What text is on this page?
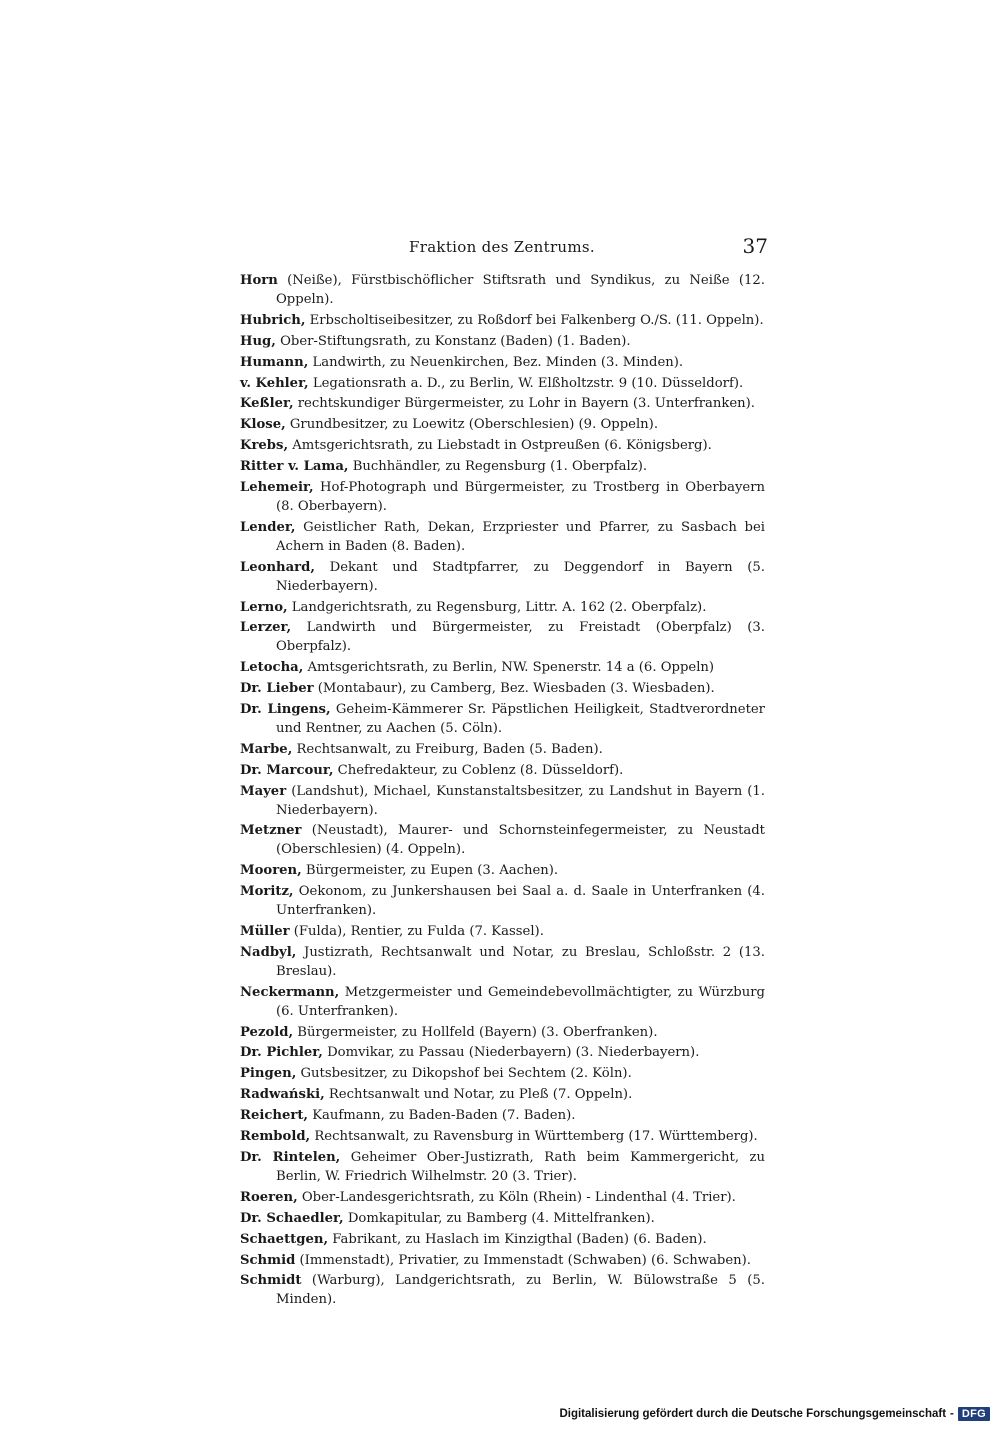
Fraktion des Zentrums.	37

Horn (Neiße), Fürstbischöflicher Stiftsrath und Syndikus, zu Neiße (12. Oppeln).

Hubrich, Erbscholtiseibesitzer, zu Roßdorf bei Falkenberg O./S. (11. Oppeln).

Hug, Ober-Stiftungsrath, zu Konstanz (Baden) (1. Baden).

Humann, Landwirth, zu Neuenkirchen, Bez. Minden (3. Minden).

v. Kehler, Legationsrath a. D., zu Berlin, W. Elßholtzstr. 9 (10. Düsseldorf).

Keßler, rechtskundiger Bürgermeister, zu Lohr in Bayern (3. Unterfranken).

Klose, Grundbesitzer, zu Loewitz (Oberschlesien) (9. Oppeln).

Krebs, Amtsgerichtsrath, zu Liebstadt in Ostpreußen (6. Königsberg).

Ritter v. Lama, Buchhändler, zu Regensburg (1. Oberpfalz).

Lehemeir, Hof-Photograph und Bürgermeister, zu Trostberg in Oberbayern (8. Oberbayern).

Lender, Geistlicher Rath, Dekan, Erzpriester und Pfarrer, zu Sasbach bei Achern in Baden (8. Baden).

Leonhard, Dekant und Stadtpfarrer, zu Deggendorf in Bayern (5. Niederbayern).

Lerno, Landgerichtsrath, zu Regensburg, Littr. A. 162 (2. Oberpfalz).

Lerzer, Landwirth und Bürgermeister, zu Freistadt (Oberpfalz) (3. Oberpfalz).

Letocha, Amtsgerichtsrath, zu Berlin, NW. Spenerstr. 14 a (6. Oppeln)

Dr. Lieber (Montabaur), zu Camberg, Bez. Wiesbaden (3. Wiesbaden).

Dr. Lingens, Geheim-Kämmerer Sr. Päpstlichen Heiligkeit, Stadtverordneter und Rentner, zu Aachen (5. Cöln).

Marbe, Rechtsanwalt, zu Freiburg, Baden (5. Baden).

Dr. Marcour, Chefredakteur, zu Coblenz (8. Düsseldorf).

Mayer (Landshut), Michael, Kunstanstaltsbesitzer, zu Landshut in Bayern (1. Niederbayern).

Metzner (Neustadt), Maurer- und Schornsteinfegermeister, zu Neustadt (Oberschlesien) (4. Oppeln).

Mooren, Bürgermeister, zu Eupen (3. Aachen).

Moritz, Oekonom, zu Junkershausen bei Saal a. d. Saale in Unterfranken (4. Unterfranken).

Müller (Fulda), Rentier, zu Fulda (7. Kassel).

Nadbyl, Justizrath, Rechtsanwalt und Notar, zu Breslau, Schloßstr. 2 (13. Breslau).

Neckermann, Metzgermeister und Gemeindebevollmächtigter, zu Würzburg (6. Unterfranken).

Pezold, Bürgermeister, zu Hollfeld (Bayern) (3. Oberfranken).

Dr. Pichler, Domvikar, zu Passau (Niederbayern) (3. Niederbayern).

Pingen, Gutsbesitzer, zu Dikopshof bei Sechtem (2. Köln).

Radwański, Rechtsanwalt und Notar, zu Pleß (7. Oppeln).

Reichert, Kaufmann, zu Baden-Baden (7. Baden).

Rembold, Rechtsanwalt, zu Ravensburg in Württemberg (17. Württemberg).

Dr. Rintelen, Geheimer Ober-Justizrath, Rath beim Kammergericht, zu Berlin, W. Friedrich Wilhelmstr. 20 (3. Trier).

Roeren, Ober-Landesgerichtsrath, zu Köln (Rhein) - Lindenthal (4. Trier).

Dr. Schaedler, Domkapitular, zu Bamberg (4. Mittelfranken).

Schaettgen, Fabrikant, zu Haslach im Kinzigthal (Baden) (6. Baden).

Schmid (Immenstadt), Privatier, zu Immenstadt (Schwaben) (6. Schwaben).

Schmidt (Warburg), Landgerichtsrath, zu Berlin, W. Bülowstraße 5 (5. Minden).

Digitalisierung gefördert durch die Deutsche Forschungsgemeinschaft - DFG
